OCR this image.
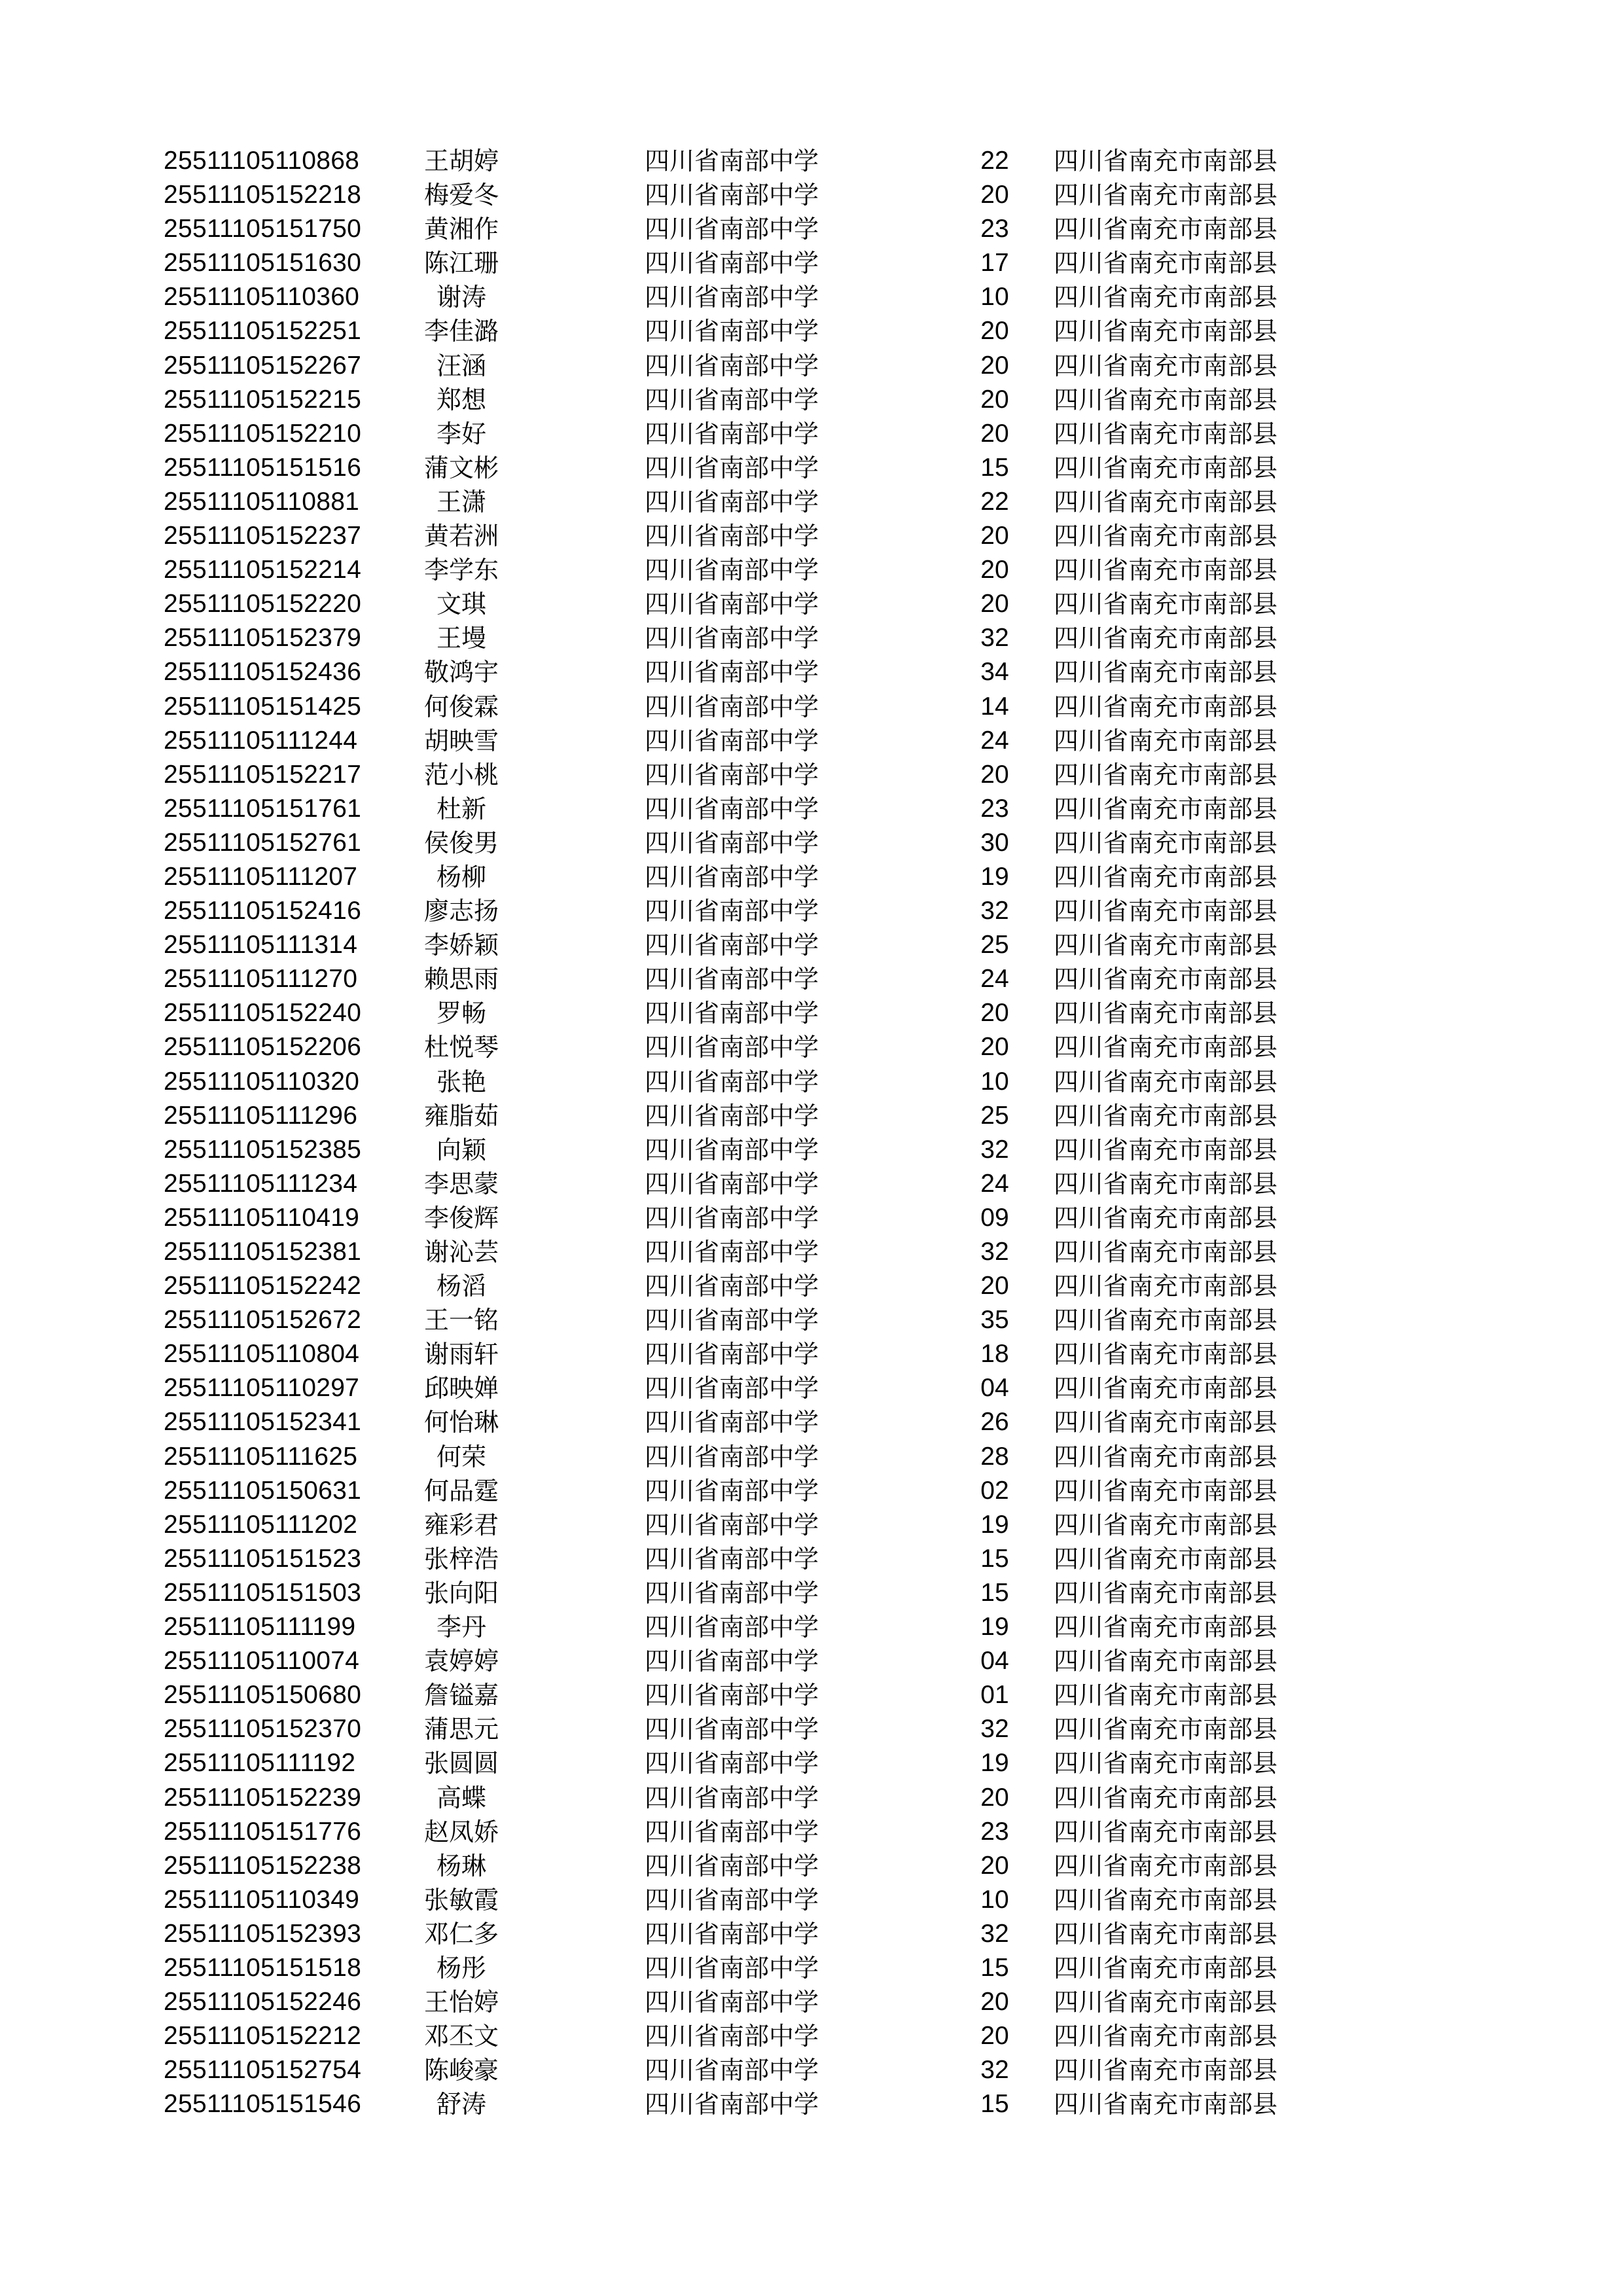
25511105110868	王胡婷	四川省南部中学	22	四川省南充市南部县
25511105152218	梅爱冬	四川省南部中学	20	四川省南充市南部县
25511105151750	黄湘作	四川省南部中学	23	四川省南充市南部县
25511105151630	陈江珊	四川省南部中学	17	四川省南充市南部县
25511105110360	谢涛	四川省南部中学	10	四川省南充市南部县
25511105152251	李佳潞	四川省南部中学	20	四川省南充市南部县
25511105152267	汪涵	四川省南部中学	20	四川省南充市南部县
25511105152215	郑想	四川省南部中学	20	四川省南充市南部县
25511105152210	李好	四川省南部中学	20	四川省南充市南部县
25511105151516	蒲文彬	四川省南部中学	15	四川省南充市南部县
25511105110881	王潇	四川省南部中学	22	四川省南充市南部县
25511105152237	黄若洲	四川省南部中学	20	四川省南充市南部县
25511105152214	李学东	四川省南部中学	20	四川省南充市南部县
25511105152220	文琪	四川省南部中学	20	四川省南充市南部县
25511105152379	王墁	四川省南部中学	32	四川省南充市南部县
25511105152436	敬鸿宇	四川省南部中学	34	四川省南充市南部县
25511105151425	何俊霖	四川省南部中学	14	四川省南充市南部县
25511105111244	胡映雪	四川省南部中学	24	四川省南充市南部县
25511105152217	范小桃	四川省南部中学	20	四川省南充市南部县
25511105151761	杜新	四川省南部中学	23	四川省南充市南部县
25511105152761	侯俊男	四川省南部中学	30	四川省南充市南部县
25511105111207	杨柳	四川省南部中学	19	四川省南充市南部县
25511105152416	廖志扬	四川省南部中学	32	四川省南充市南部县
25511105111314	李娇颖	四川省南部中学	25	四川省南充市南部县
25511105111270	赖思雨	四川省南部中学	24	四川省南充市南部县
25511105152240	罗畅	四川省南部中学	20	四川省南充市南部县
25511105152206	杜悦琴	四川省南部中学	20	四川省南充市南部县
25511105110320	张艳	四川省南部中学	10	四川省南充市南部县
25511105111296	雍脂茹	四川省南部中学	25	四川省南充市南部县
25511105152385	向颖	四川省南部中学	32	四川省南充市南部县
25511105111234	李思蒙	四川省南部中学	24	四川省南充市南部县
25511105110419	李俊辉	四川省南部中学	09	四川省南充市南部县
25511105152381	谢沁芸	四川省南部中学	32	四川省南充市南部县
25511105152242	杨滔	四川省南部中学	20	四川省南充市南部县
25511105152672	王一铭	四川省南部中学	35	四川省南充市南部县
25511105110804	谢雨轩	四川省南部中学	18	四川省南充市南部县
25511105110297	邱映婵	四川省南部中学	04	四川省南充市南部县
25511105152341	何怡琳	四川省南部中学	26	四川省南充市南部县
25511105111625	何荣	四川省南部中学	28	四川省南充市南部县
25511105150631	何品霆	四川省南部中学	02	四川省南充市南部县
25511105111202	雍彩君	四川省南部中学	19	四川省南充市南部县
25511105151523	张梓浩	四川省南部中学	15	四川省南充市南部县
25511105151503	张向阳	四川省南部中学	15	四川省南充市南部县
25511105111199	李丹	四川省南部中学	19	四川省南充市南部县
25511105110074	袁婷婷	四川省南部中学	04	四川省南充市南部县
25511105150680	詹镒嘉	四川省南部中学	01	四川省南充市南部县
25511105152370	蒲思元	四川省南部中学	32	四川省南充市南部县
25511105111192	张圆圆	四川省南部中学	19	四川省南充市南部县
25511105152239	高蝶	四川省南部中学	20	四川省南充市南部县
25511105151776	赵凤娇	四川省南部中学	23	四川省南充市南部县
25511105152238	杨琳	四川省南部中学	20	四川省南充市南部县
25511105110349	张敏霞	四川省南部中学	10	四川省南充市南部县
25511105152393	邓仁多	四川省南部中学	32	四川省南充市南部县
25511105151518	杨彤	四川省南部中学	15	四川省南充市南部县
25511105152246	王怡婷	四川省南部中学	20	四川省南充市南部县
25511105152212	邓丕文	四川省南部中学	20	四川省南充市南部县
25511105152754	陈峻豪	四川省南部中学	32	四川省南充市南部县
25511105151546	舒涛	四川省南部中学	15	四川省南充市南部县
